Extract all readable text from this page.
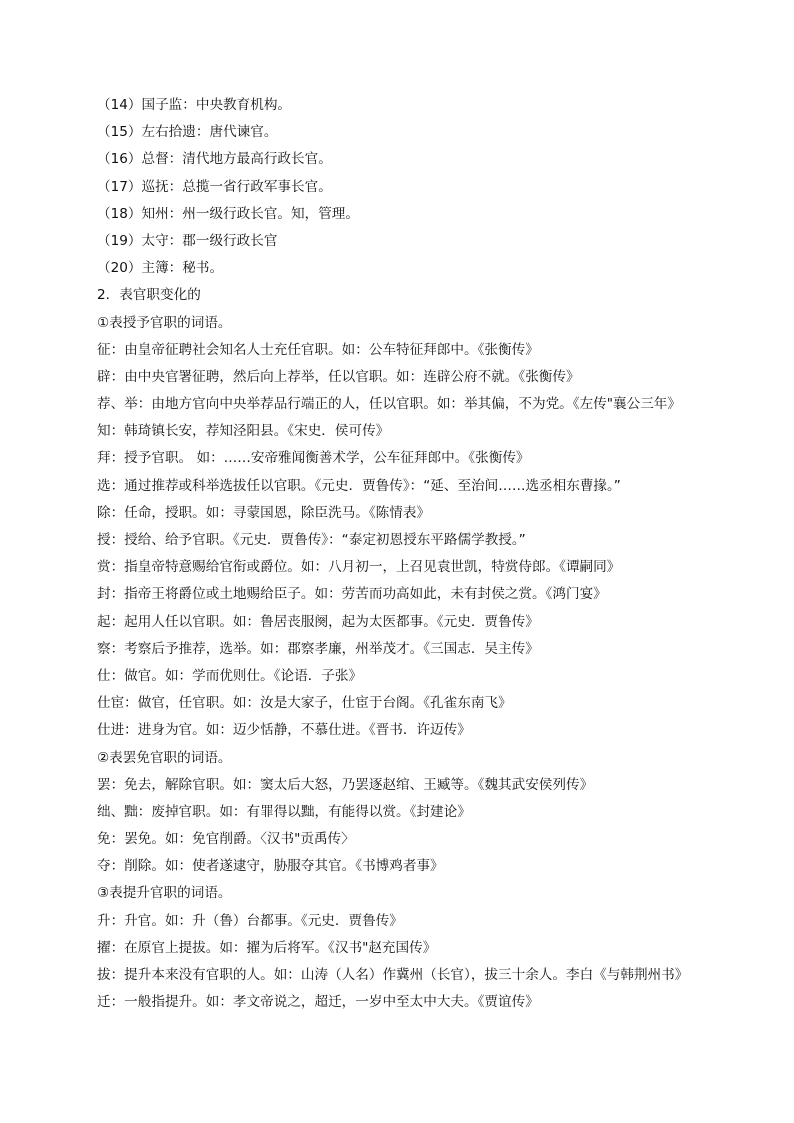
（14）国子监：中央教育机构。
（15）左右拾遗：唐代谏官。
（16）总督：清代地方最高行政长官。
（17）巡抚：总揽一省行政军事长官。
（18）知州：州一级行政长官。知，管理。
（19）太守：郡一级行政长官
（20）主簿：秘书。
2．表官职变化的
①表授予官职的词语。
征：由皇帝征聘社会知名人士充任官职。如：公车特征拜郎中。《张衡传》
辟：由中央官署征聘，然后向上荐举，任以官职。如：连辟公府不就。《张衡传》
荐、举：由地方官向中央举荐品行端正的人，任以官职。如：举其偏，不为党。《左传"襄公三年》
知：韩琦镇长安，荐知泾阳县。《宋史．侯可传》
拜：授予官职。 如：……安帝雅闻衡善术学，公车征拜郎中。《张衡传》
选：通过推荐或科举选拔任以官职。《元史．贾鲁传》：“延、至治间……选丞相东曹掾。”
除：任命，授职。如：寻蒙国恩，除臣洗马。《陈情表》
授：授给、给予官职。《元史．贾鲁传》：“泰定初恩授东平路儒学教授。”
赏：指皇帝特意赐给官衔或爵位。如：八月初一，上召见袁世凯，特赏侍郎。《谭嗣同》
封：指帝王将爵位或土地赐给臣子。如：劳苦而功高如此，未有封侯之赏。《鸿门宴》
起：起用人任以官职。如：鲁居丧服阕，起为太医都事。《元史．贾鲁传》
察：考察后予推荐，选举。如：郡察孝廉，州举茂才。《三国志．吴主传》
仕：做官。如：学而优则仕。《论语．子张》
仕宦：做官，任官职。如：汝是大家子，仕宦于台阁。《孔雀东南飞》
仕进：进身为官。如：迈少恬静，不慕仕进。《晋书．许迈传》
②表罢免官职的词语。
罢：免去，解除官职。如：窦太后大怒，乃罢逐赵绾、王臧等。《魏其武安侯列传》
绌、黜：废掉官职。如：有罪得以黜，有能得以赏。《封建论》
免：罢免。如：免官削爵。〈汉书"贡禹传〉
夺：削除。如：使者遂逮守，胁服夺其官。《书博鸡者事》
③表提升官职的词语。
升：升官。如：升（鲁）台都事。《元史．贾鲁传》
擢：在原官上提拔。如：擢为后将军。《汉书"赵充国传》
拔：提升本来没有官职的人。如：山涛（人名）作冀州（长官），拔三十余人。李白《与韩荆州书》
迁：一般指提升。如：孝文帝说之，超迁，一岁中至太中大夫。《贾谊传》
